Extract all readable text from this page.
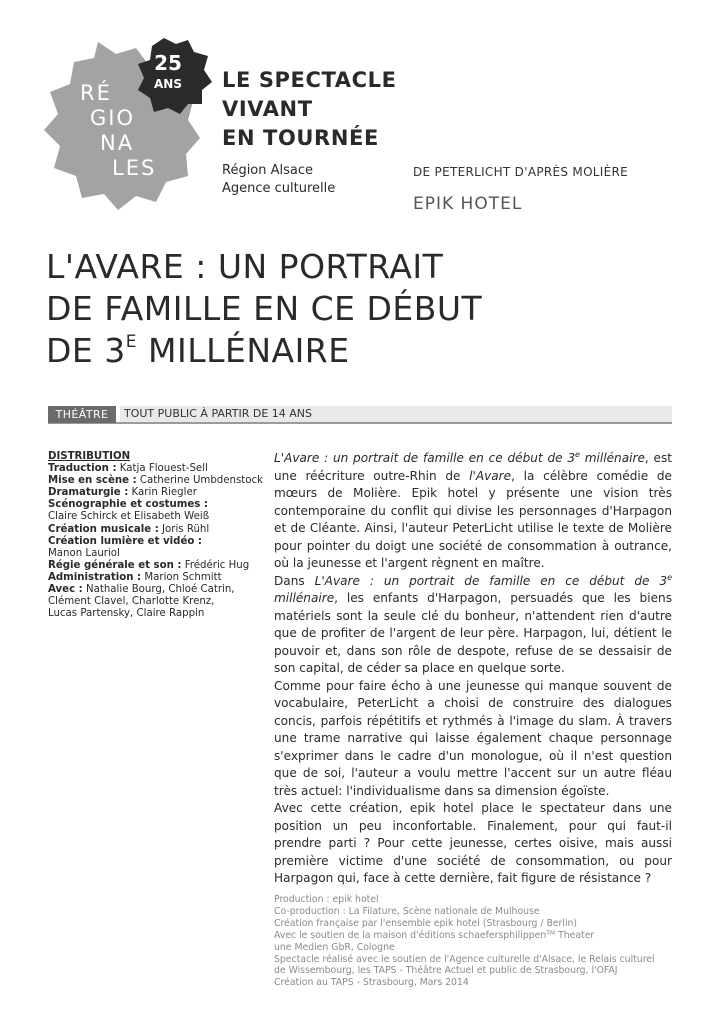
25
ANS
RÉ
GIO
NA
LES
LE SPECTACLE
VIVANT
EN TOURNÉE
Région Alsace
Agence culturelle
DE PETERLICHT D'APRÈS MOLIÈRE
EPIK HOTEL
L'AVARE : UN PORTRAIT
DE FAMILLE EN CE DÉBUT
DE $3^E$ MILLÉNAIRE
THÉÂTRE	TOUT PUBLIC À PARTIR DE 14 ANS
DISTRIBUTION
Traduction : Katja Flouest-Sell
Mise en scène : Catherine Umbdenstock
Dramaturgie : Karin Riegler
Scénographie et costumes :
Claire Schirck et Elisabeth Weiß
Création musicale : Joris Rühl
Création lumière et vidéo :
Manon Lauriol
Régie générale et son : Frédéric Hug
Administration : Marion Schmitt
Avec : Nathalie Bourg, Chloé Catrin,
Clément Clavel, Charlotte Krenz,
Lucas Partensky, Claire Rappin

L'Avare : un portrait de famille en ce début de 3e millénaire, est une réécriture outre-Rhin de l'Avare, la célèbre comédie de mœurs de Molière. Epik hotel y présente une vision très contemporaine du conflit qui divise les personnages d'Harpagon et de Cléante. Ainsi, l'auteur PeterLicht utilise le texte de Molière pour pointer du doigt une société de consommation à outrance, où la jeunesse et l'argent règnent en maître.

Dans L'Avare : un portrait de famille en ce début de 3e millénaire, les enfants d'Harpagon, persuadés que les biens matériels sont la seule clé du bonheur, n'attendent rien d'autre que de profiter de l'argent de leur père. Harpagon, lui, détient le pouvoir et, dans son rôle de despote, refuse de se dessaisir de son capital, de céder sa place en quelque sorte.

Comme pour faire écho à une jeunesse qui manque souvent de vocabulaire, PeterLicht a choisi de construire des dialogues concis, parfois répétitifs et rythmés à l'image du slam. À travers une trame narrative qui laisse également chaque personnage s'exprimer dans le cadre d'un monologue, où il n'est question que de soi, l'auteur a voulu mettre l'accent sur un autre fléau très actuel: l'individualisme dans sa dimension égoïste.

Avec cette création, epik hotel place le spectateur dans une position un peu inconfortable. Finalement, pour qui faut-il prendre parti ? Pour cette jeunesse, certes oisive, mais aussi première victime d'une société de consommation, ou pour Harpagon qui, face à cette dernière, fait figure de résistance ?

Production : epik hotel
Co-production : La Filature, Scène nationale de Mulhouse
Création française par l'ensemble epik hotel (Strasbourg / Berlin)
Avec le soutien de la maison d'éditions schaefersphilippen™ Theater
une Medien GbR, Cologne
Spectacle réalisé avec le soutien de l'Agence culturelle d'Alsace, le Relais culturel
de Wissembourg, les TAPS - Théâtre Actuel et public de Strasbourg, l'OFAJ
Création au TAPS - Strasbourg, Mars 2014
